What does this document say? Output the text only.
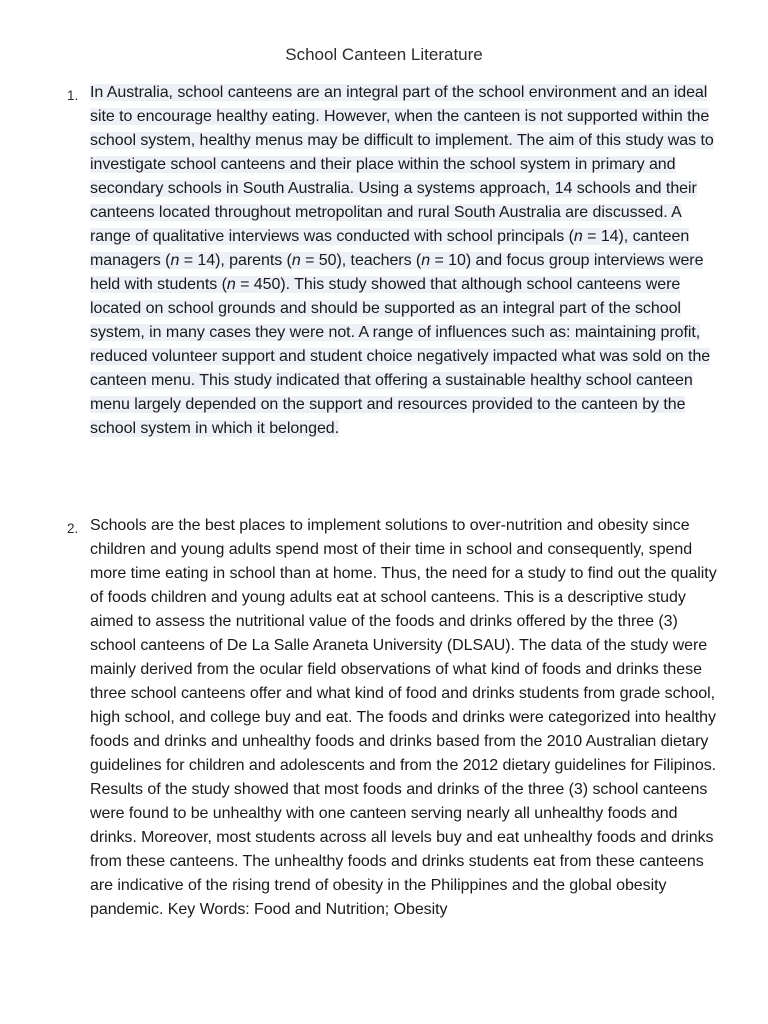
School Canteen Literature
1. In Australia, school canteens are an integral part of the school environment and an ideal site to encourage healthy eating. However, when the canteen is not supported within the school system, healthy menus may be difficult to implement. The aim of this study was to investigate school canteens and their place within the school system in primary and secondary schools in South Australia. Using a systems approach, 14 schools and their canteens located throughout metropolitan and rural South Australia are discussed. A range of qualitative interviews was conducted with school principals (n = 14), canteen managers (n = 14), parents (n = 50), teachers (n = 10) and focus group interviews were held with students (n = 450). This study showed that although school canteens were located on school grounds and should be supported as an integral part of the school system, in many cases they were not. A range of influences such as: maintaining profit, reduced volunteer support and student choice negatively impacted what was sold on the canteen menu. This study indicated that offering a sustainable healthy school canteen menu largely depended on the support and resources provided to the canteen by the school system in which it belonged.
2. Schools are the best places to implement solutions to over-nutrition and obesity since children and young adults spend most of their time in school and consequently, spend more time eating in school than at home. Thus, the need for a study to find out the quality of foods children and young adults eat at school canteens. This is a descriptive study aimed to assess the nutritional value of the foods and drinks offered by the three (3) school canteens of De La Salle Araneta University (DLSAU). The data of the study were mainly derived from the ocular field observations of what kind of foods and drinks these three school canteens offer and what kind of food and drinks students from grade school, high school, and college buy and eat. The foods and drinks were categorized into healthy foods and drinks and unhealthy foods and drinks based from the 2010 Australian dietary guidelines for children and adolescents and from the 2012 dietary guidelines for Filipinos. Results of the study showed that most foods and drinks of the three (3) school canteens were found to be unhealthy with one canteen serving nearly all unhealthy foods and drinks. Moreover, most students across all levels buy and eat unhealthy foods and drinks from these canteens. The unhealthy foods and drinks students eat from these canteens are indicative of the rising trend of obesity in the Philippines and the global obesity pandemic. Key Words: Food and Nutrition; Obesity
